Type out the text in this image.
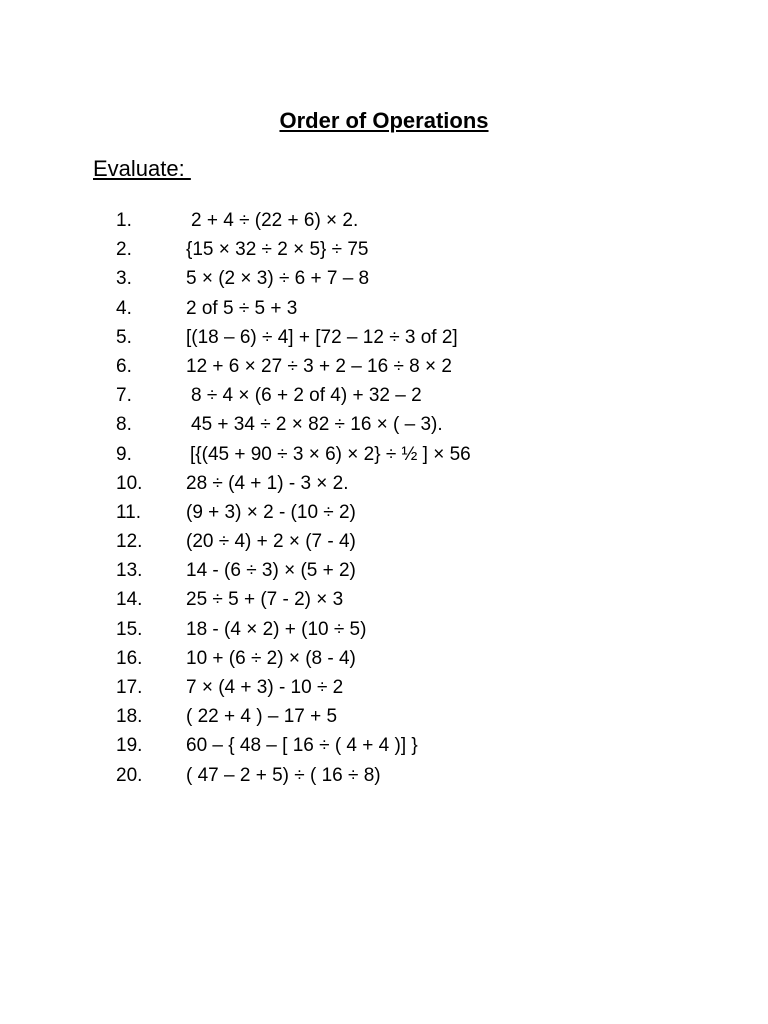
Order of Operations
Evaluate:
1.	2 + 4 ÷ (22 + 6) × 2.
2.	{15 × 32 ÷ 2 × 5} ÷ 75
3.	5 × (2 × 3) ÷ 6 + 7 – 8
4.	2 of 5 ÷ 5 + 3
5.	[(18 – 6) ÷ 4] + [72 – 12 ÷ 3 of 2]
6.	12 + 6 × 27 ÷ 3 + 2 – 16 ÷ 8 × 2
7.	8 ÷ 4 × (6 + 2 of 4) + 32 – 2
8.	45 + 34 ÷ 2 × 82 ÷ 16 × ( – 3).
9.	[{(45 + 90 ÷ 3 × 6) × 2} ÷ ½ ] × 56
10. 28 ÷ (4 + 1) - 3 × 2.
11. (9 + 3) × 2 - (10 ÷ 2)
12. (20 ÷ 4) + 2 × (7 - 4)
13. 14 - (6 ÷ 3) × (5 + 2)
14. 25 ÷ 5 + (7 - 2) × 3
15. 18 - (4 × 2) + (10 ÷ 5)
16. 10 + (6 ÷ 2) × (8 - 4)
17. 7 × (4 + 3) - 10 ÷ 2
18. ( 22 + 4 ) – 17 + 5
19. 60 – { 48 – [ 16 ÷ ( 4 + 4 )] }
20. ( 47 – 2 + 5) ÷ ( 16 ÷ 8)
